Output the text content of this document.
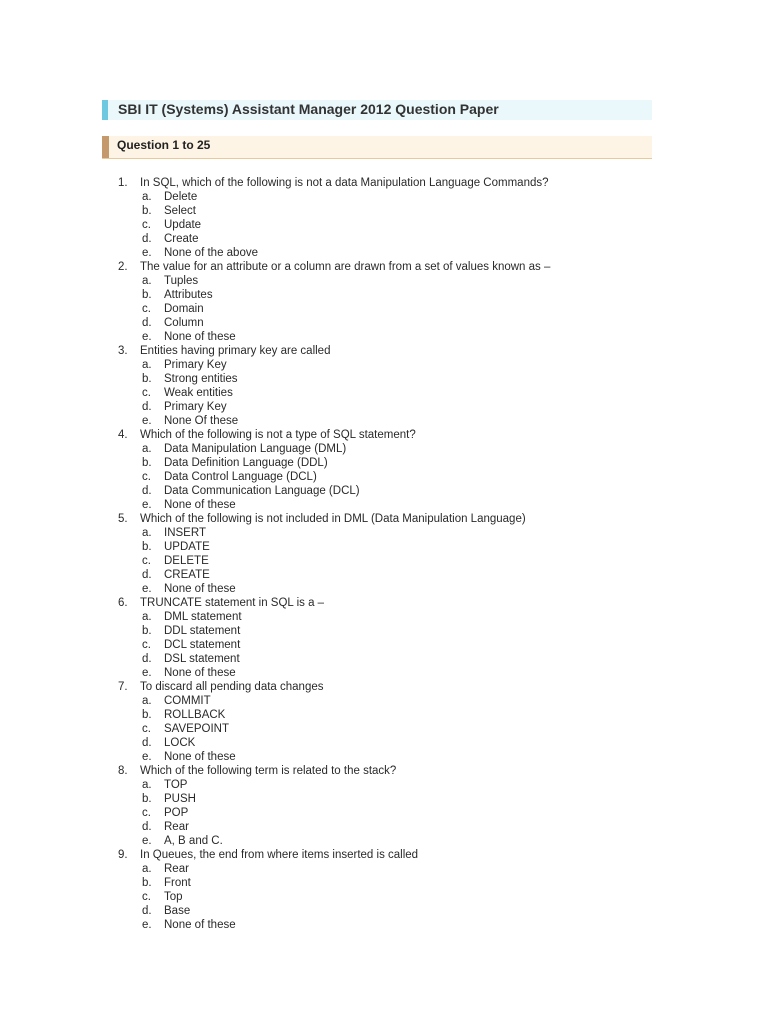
SBI IT (Systems) Assistant Manager 2012 Question Paper
Question 1 to 25
1.	In SQL, which of the following is not a data Manipulation Language Commands?
a.	Delete
b.	Select
c.	Update
d.	Create
e.	None of the above
2.	The value for an attribute or a column are drawn from a set of values known as –
a.	Tuples
b.	Attributes
c.	Domain
d.	Column
e.	None of these
3.	Entities having primary key are called
a.	Primary Key
b.	Strong entities
c.	Weak entities
d.	Primary Key
e.	None Of these
4.	Which of the following is not a type of SQL statement?
a.	Data Manipulation Language (DML)
b.	Data Definition Language (DDL)
c.	Data Control Language (DCL)
d.	Data Communication Language (DCL)
e.	None of these
5.	Which of the following is not included in DML (Data Manipulation Language)
a.	INSERT
b.	UPDATE
c.	DELETE
d.	CREATE
e.	None of these
6.	TRUNCATE statement in SQL is a –
a.	DML statement
b.	DDL statement
c.	DCL statement
d.	DSL statement
e.	None of these
7.	To discard all pending data changes
a.	COMMIT
b.	ROLLBACK
c.	SAVEPOINT
d.	LOCK
e.	None of these
8.	Which of the following term is related to the stack?
a.	TOP
b.	PUSH
c.	POP
d.	Rear
e.	A, B and C.
9.	In Queues, the end from where items inserted is called
a.	Rear
b.	Front
c.	Top
d.	Base
e.	None of these
